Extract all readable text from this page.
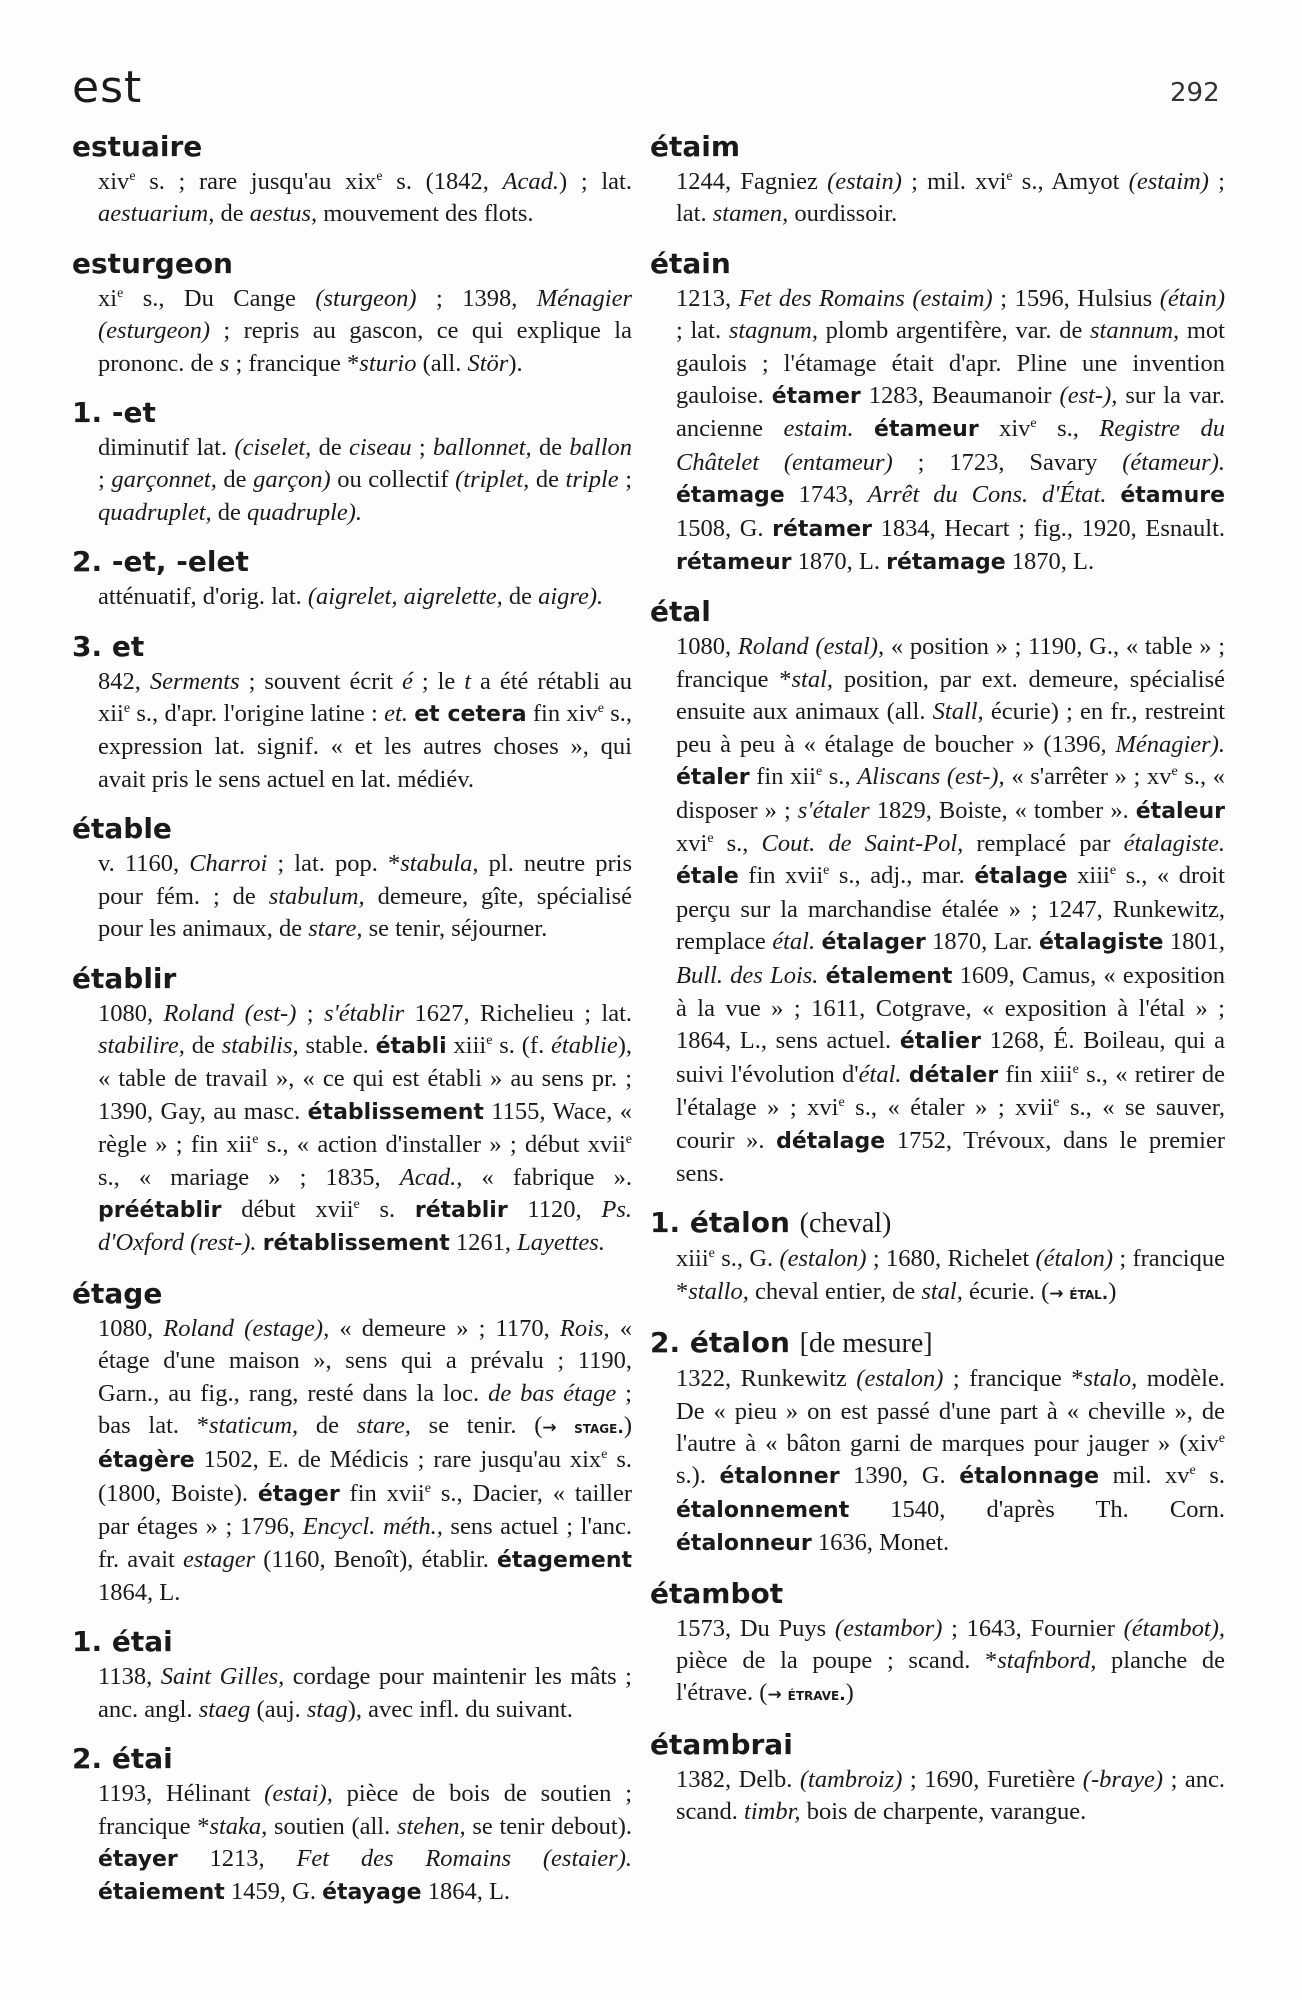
est	292
estuaire
xiv$^e$ s. ; rare jusqu'au xix$^e$ s. (1842, Acad.) ; lat. aestuarium, de aestus, mouvement des flots.
esturgeon
$xi^e$ s., Du Cange (sturgeon) ; 1398, Ménagier (esturgeon) ; repris au gascon, ce qui explique la prononc. de s ; francique *sturio (all. Stör).
1. -et
diminutif lat. (ciselet, de ciseau ; ballonnet, de ballon ; garçonnet, de garçon) ou collectif (triplet, de triple ; quadruplet, de quadruple).
2. -et, -elet
atténuatif, d'orig. lat. (aigrelet, aigrelette, de aigre).
3. et
842, Serments ; souvent écrit é ; le t a été rétabli au xii$^e$ s., d'apr. l'origine latine : et. et cetera fin xiv$^e$ s., expression lat. signif. « et les autres choses », qui avait pris le sens actuel en lat. médiév.
étable
v. 1160, Charroi ; lat. pop. *stabula, pl. neutre pris pour fém. ; de stabulum, demeure, gîte, spécialisé pour les animaux, de stare, se tenir, séjourner.
établir
1080, Roland (est-) ; s'établir 1627, Richelieu ; lat. stabilire, de stabilis, stable. établi xiii$^e$ s. (f. établie), « table de travail », « ce qui est établi » au sens pr. ; 1390, Gay, au masc. établissement 1155, Wace, « règle » ; fin xii$^e$ s., « action d'installer » ; début xvii$^e$ s., « mariage » ; 1835, Acad., « fabrique ». préétablir début xvii$^e$ s. rétablir 1120, Ps. d'Oxford (rest-). rétablissement 1261, Layettes.
étage
1080, Roland (estage), « demeure » ; 1170, Rois, « étage d'une maison », sens qui a prévalu ; 1190, Garn., au fig., rang, resté dans la loc. de bas étage ; bas lat. *staticum, de stare, se tenir. (→ stage.) étagère 1502, E. de Médicis ; rare jusqu'au xix$^e$ s. (1800, Boiste). étager fin xvii$^e$ s., Dacier, « tailler par étages » ; 1796, Encycl. méth., sens actuel ; l'anc. fr. avait estager (1160, Benoît), établir. étagement 1864, L.
1. étai
1138, Saint Gilles, cordage pour maintenir les mâts ; anc. angl. staeg (auj. stag), avec infl. du suivant.
2. étai
1193, Hélinant (estai), pièce de bois de soutien ; francique *staka, soutien (all. stehen, se tenir debout). étayer 1213, Fet des Romains (estaier). étaiement 1459, G. étayage 1864, L.
étaim
1244, Fagniez (estain) ; mil. xvi$^e$ s., Amyot (estaim) ; lat. stamen, ourdissoir.
étain
1213, Fet des Romains (estaim) ; 1596, Hulsius (étain) ; lat. stagnum, plomb argentifère, var. de stannum, mot gaulois ; l'étamage était d'apr. Pline une invention gauloise. étamer 1283, Beaumanoir (est-), sur la var. ancienne estaim. étameur xiv$^e$ s., Registre du Châtelet (entameur) ; 1723, Savary (étameur). étamage 1743, Arrêt du Cons. d'État. étamure 1508, G. rétamer 1834, Hecart ; fig., 1920, Esnault. rétameur 1870, L. rétamage 1870, L.
étal
1080, Roland (estal), « position » ; 1190, G., « table » ; francique *stal, position, par ext. demeure, spécialisé ensuite aux animaux (all. Stall, écurie) ; en fr., restreint peu à peu à « étalage de boucher » (1396, Ménagier). étaler fin xii$^e$ s., Aliscans (est-), « s'arrêter » ; $xv^e$ s., « disposer » ; s'étaler 1829, Boiste, « tomber ». étaleur xvi$^e$ s., Cout. de Saint-Pol, remplacé par étalagiste. étale fin xvii$^e$ s., adj., mar. étalage xiii$^e$ s., « droit perçu sur la marchandise étalée » ; 1247, Runkewitz, remplace étal. étalager 1870, Lar. étalagiste 1801, Bull. des Lois. étalement 1609, Camus, « exposition à la vue » ; 1611, Cotgrave, « exposition à l'étal » ; 1864, L., sens actuel. étalier 1268, É. Boileau, qui a suivi l'évolution d'étal. détaler fin xiii$^e$ s., « retirer de l'étalage » ; xvi$^e$ s., « étaler » ; xvii$^e$ s., « se sauver, courir ». détalage 1752, Trévoux, dans le premier sens.
1. étalon (cheval)
xiii$^e$ s., G. (estalon) ; 1680, Richelet (étalon) ; francique *stallo, cheval entier, de stal, écurie. (→ étal.)
2. étalon [de mesure]
1322, Runkewitz (estalon) ; francique *stalo, modèle. De « pieu » on est passé d'une part à « cheville », de l'autre à « bâton garni de marques pour jauger » (xiv$^e$ s.). étalonner 1390, G. étalonnage mil. $xv^e$ s. étalonnement 1540, d'après Th. Corn. étalonneur 1636, Monet.
étambot
1573, Du Puys (estambor) ; 1643, Fournier (étambot), pièce de la poupe ; scand. *stafnbord, planche de l'étrave. (→ étrave.)
étambrai
1382, Delb. (tambroiz) ; 1690, Furetière (-braye) ; anc. scand. timbr, bois de charpente, varangue.
